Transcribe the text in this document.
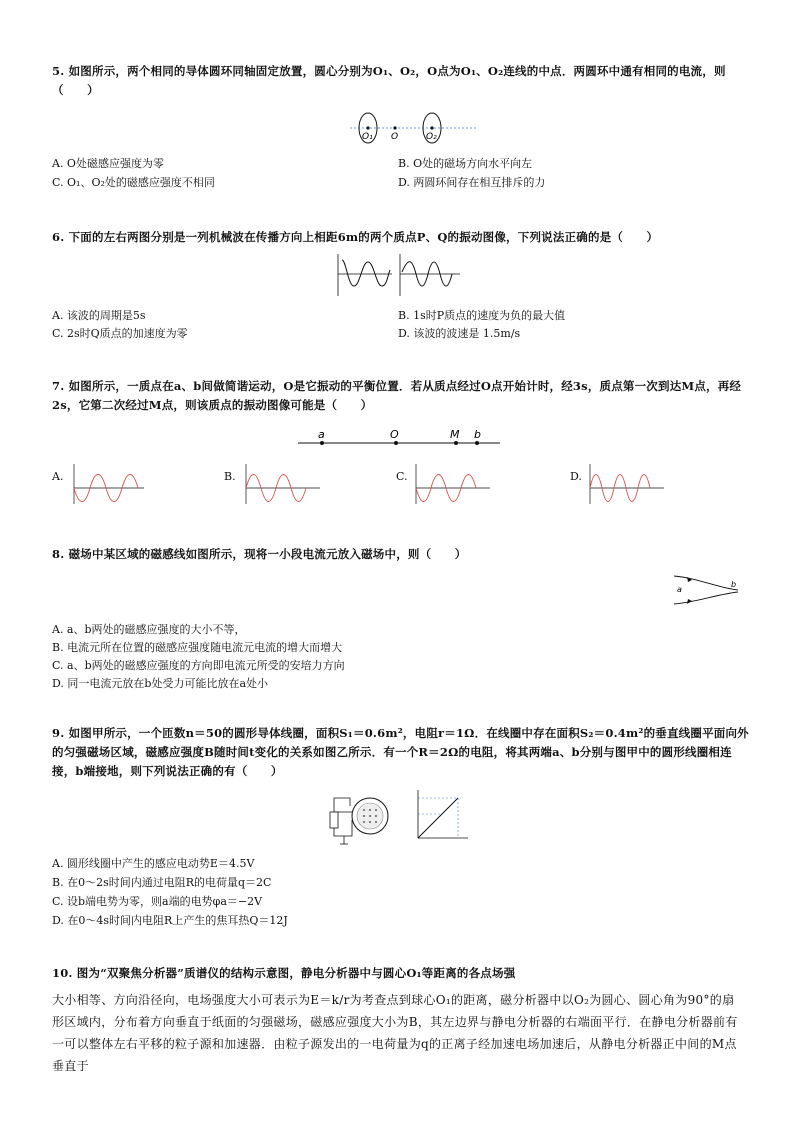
5. 如图所示，两个相同的导体圆环同轴固定放置，圆心分别为O₁、O₂，O点为O₁、O₂连线的中点．两圆环中通有相同的电流，则（　　）
O₁ O	O₂
A. O处磁感应强度为零	B. O处的磁场方向水平向左
C. O₁、O₂处的磁感应强度不相同	D. 两圆环间存在相互排斥的力
6. 下面的左右两图分别是一列机械波在传播方向上相距6m的两个质点P、Q的振动图像，下列说法正确的是（　　）
A. 该波的周期是5s	B. 1s时P质点的速度为负的最大值
C. 2s时Q质点的加速度为零	D. 该波的波速是 1.5m/s
7. 如图所示，一质点在a、b间做简谐运动，O是它振动的平衡位置．若从质点经过O点开始计时，经3s，质点第一次到达M点，再经2s，它第二次经过M点，则该质点的振动图像可能是（　　）
a	O	M b
A.	B.	C.	D.
8. 磁场中某区域的磁感线如图所示，现将一小段电流元放入磁场中，则（　　）
a
b
A. a、b两处的磁感应强度的大小不等，
B. 电流元所在位置的磁感应强度随电流元电流的增大而增大
C. a、b两处的磁感应强度的方向即电流元所受的安培力方向
D. 同一电流元放在b处受力可能比放在a处小
9. 如图甲所示，一个匝数n＝50的圆形导体线圈，面积S₁＝0.6m²，电阻r＝1Ω．在线圈中存在面积S₂＝0.4m²的垂直线圈平面向外的匀强磁场区域，磁感应强度B随时间t变化的关系如图乙所示．有一个R＝2Ω的电阻，将其两端a、b分别与图甲中的圆形线圈相连接，b端接地，则下列说法正确的有（　　）
A. 圆形线圈中产生的感应电动势E＝4.5V
B. 在0～2s时间内通过电阻R的电荷量q＝2C
C. 设b端电势为零，则a端的电势φa＝−2V
D. 在0～4s时间内电阻R上产生的焦耳热Q＝12J
10. 图为“双聚焦分析器”质谱仪的结构示意图，静电分析器中与圆心O₁等距离的各点场强
大小相等、方向沿径向，电场强度大小可表示为E＝k/r为考查点到球心O₁的距离，磁分析器中以O₂为圆心、圆心角为90°的扇形区域内，分布着方向垂直于纸面的匀强磁场，磁感应强度大小为B，其左边界与静电分析器的右端面平行．在静电分析器前有一可以整体左右平移的粒子源和加速器．由粒子源发出的一电荷量为q的正离子经加速电场加速后，从静电分析器正中间的M点垂直于
